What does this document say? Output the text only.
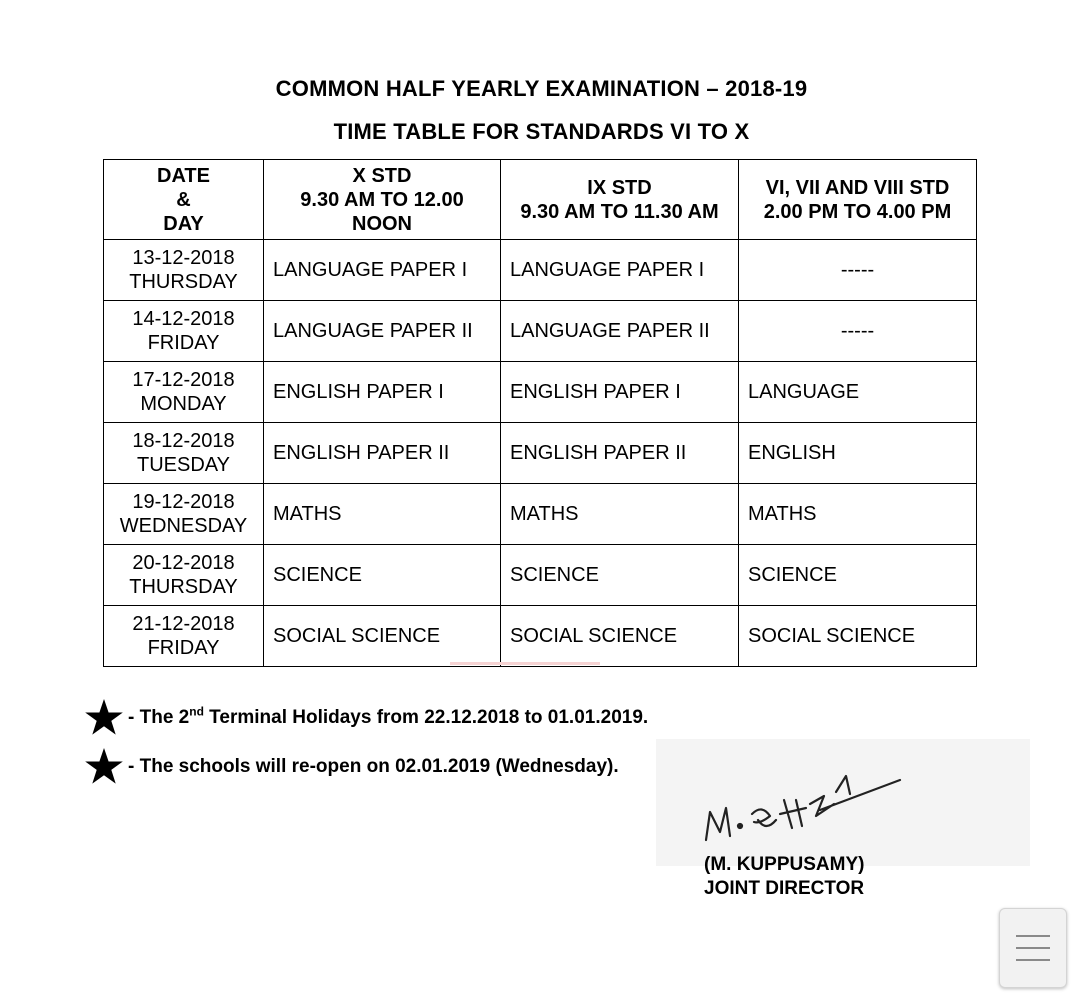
COMMON HALF YEARLY EXAMINATION – 2018-19
TIME TABLE FOR STANDARDS VI TO X
DATE
&
DAY	X STD
9.30 AM TO 12.00
NOON	IX STD
9.30 AM TO 11.30 AM	VI, VII AND VIII STD
2.00 PM TO 4.00 PM

13-12-2018
THURSDAY	LANGUAGE PAPER I	LANGUAGE PAPER I	-----

14-12-2018
FRIDAY	LANGUAGE PAPER II	LANGUAGE PAPER II	-----

17-12-2018
MONDAY	ENGLISH PAPER I	ENGLISH PAPER I	LANGUAGE

18-12-2018
TUESDAY	ENGLISH PAPER II	ENGLISH PAPER II	ENGLISH

19-12-2018
WEDNESDAY	MATHS	MATHS	MATHS

20-12-2018
THURSDAY	SCIENCE	SCIENCE	SCIENCE

21-12-2018
FRIDAY	SOCIAL SCIENCE	SOCIAL SCIENCE	SOCIAL SCIENCE
- The 2nd Terminal Holidays from 22.12.2018 to 01.01.2019.
- The schools will re-open on 02.01.2019 (Wednesday).
(M. KUPPUSAMY)
JOINT DIRECTOR
